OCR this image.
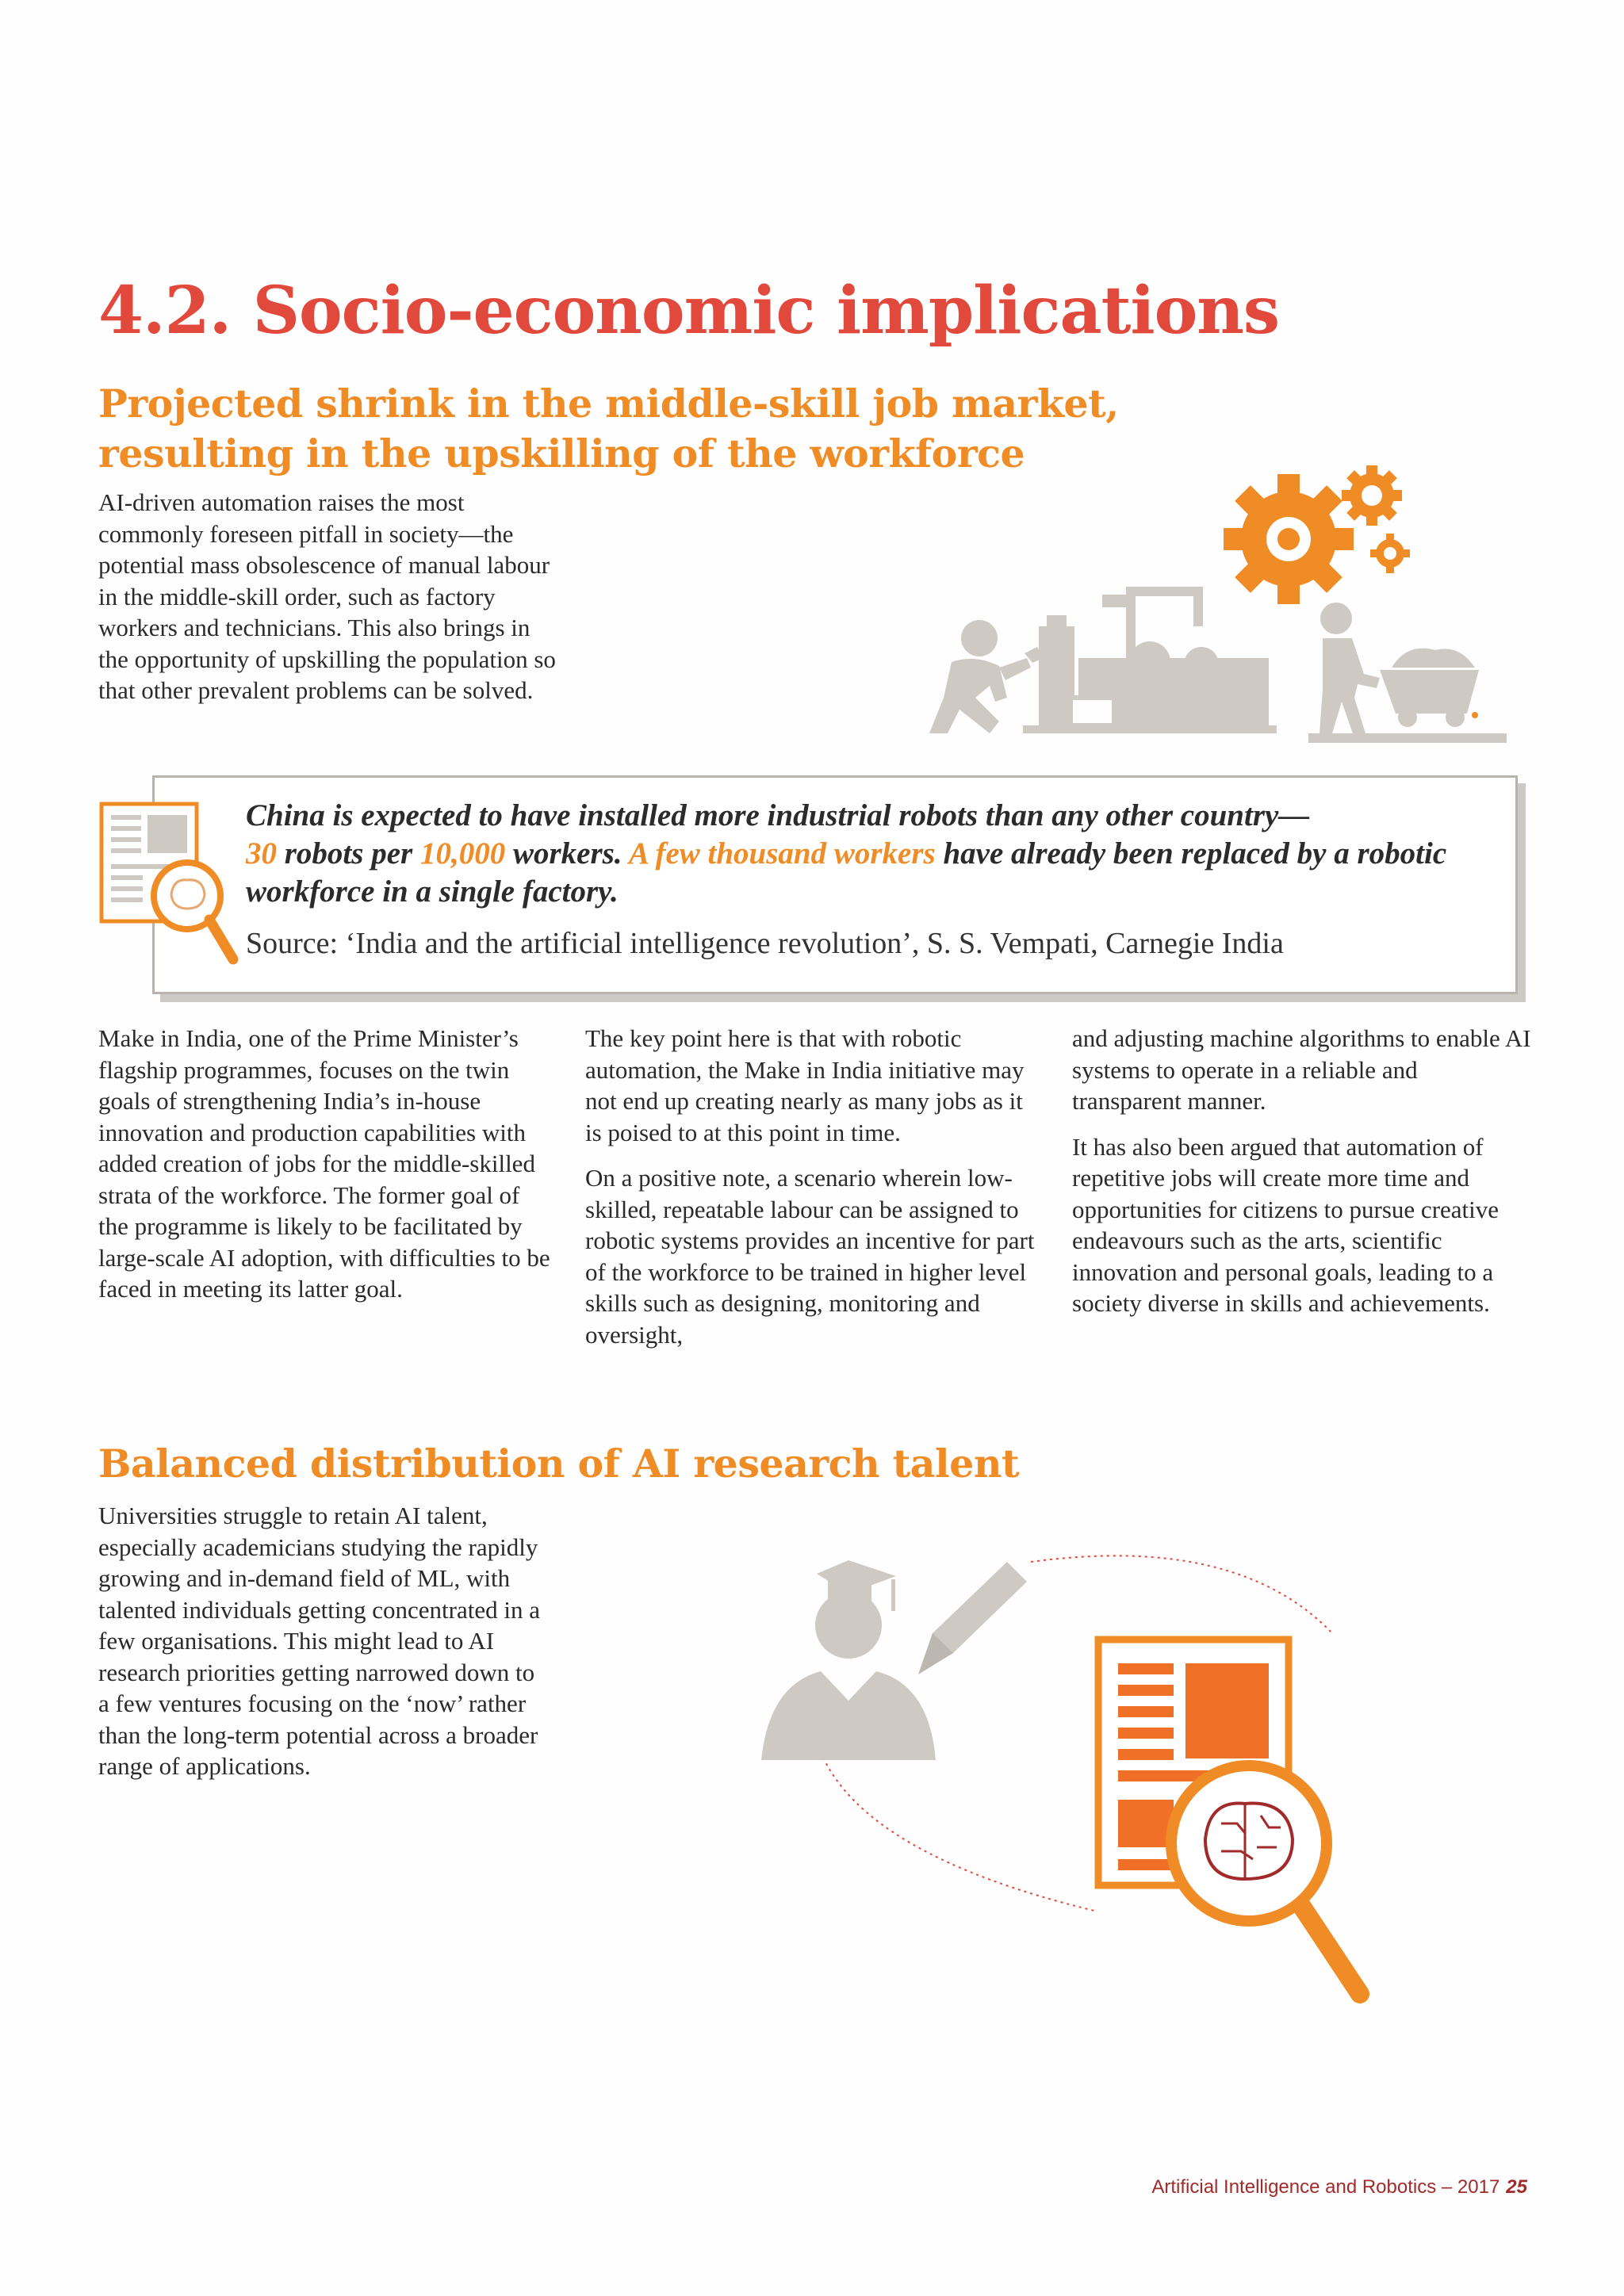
4.2. Socio-economic implications
Projected shrink in the middle-skill job market,
resulting in the upskilling of the workforce

AI-driven automation raises the most commonly foreseen pitfall in society—the potential mass obsolescence of manual labour in the middle-skill order, such as factory workers and technicians. This also brings in the opportunity of upskilling the population so that other prevalent problems can be solved.

China is expected to have installed more industrial robots than any other country—
30 robots per 10,000 workers. A few thousand workers have already been replaced by a robotic workforce in a single factory.
Source: ‘India and the artificial intelligence revolution’, S. S. Vempati, Carnegie India

Make in India, one of the Prime Minister’s flagship programmes, focuses on the twin goals of strengthening India’s in-house innovation and production capabilities with added creation of jobs for the middle-skilled strata of the workforce. The former goal of the programme is likely to be facilitated by large-scale AI adoption, with difficulties to be faced in meeting its latter goal.

The key point here is that with robotic automation, the Make in India initiative may not end up creating nearly as many jobs as it is poised to at this point in time.

On a positive note, a scenario wherein low-skilled, repeatable labour can be assigned to robotic systems provides an incentive for part of the workforce to be trained in higher level skills such as designing, monitoring and oversight,

and adjusting machine algorithms to enable AI systems to operate in a reliable and transparent manner.

It has also been argued that automation of repetitive jobs will create more time and opportunities for citizens to pursue creative endeavours such as the arts, scientific innovation and personal goals, leading to a society diverse in skills and achievements.

Balanced distribution of AI research talent

Universities struggle to retain AI talent, especially academicians studying the rapidly growing and in-demand field of ML, with talented individuals getting concentrated in a few organisations. This might lead to AI research priorities getting narrowed down to a few ventures focusing on the ‘now’ rather than the long-term potential across a broader range of applications.

Artificial Intelligence and Robotics – 2017 25
